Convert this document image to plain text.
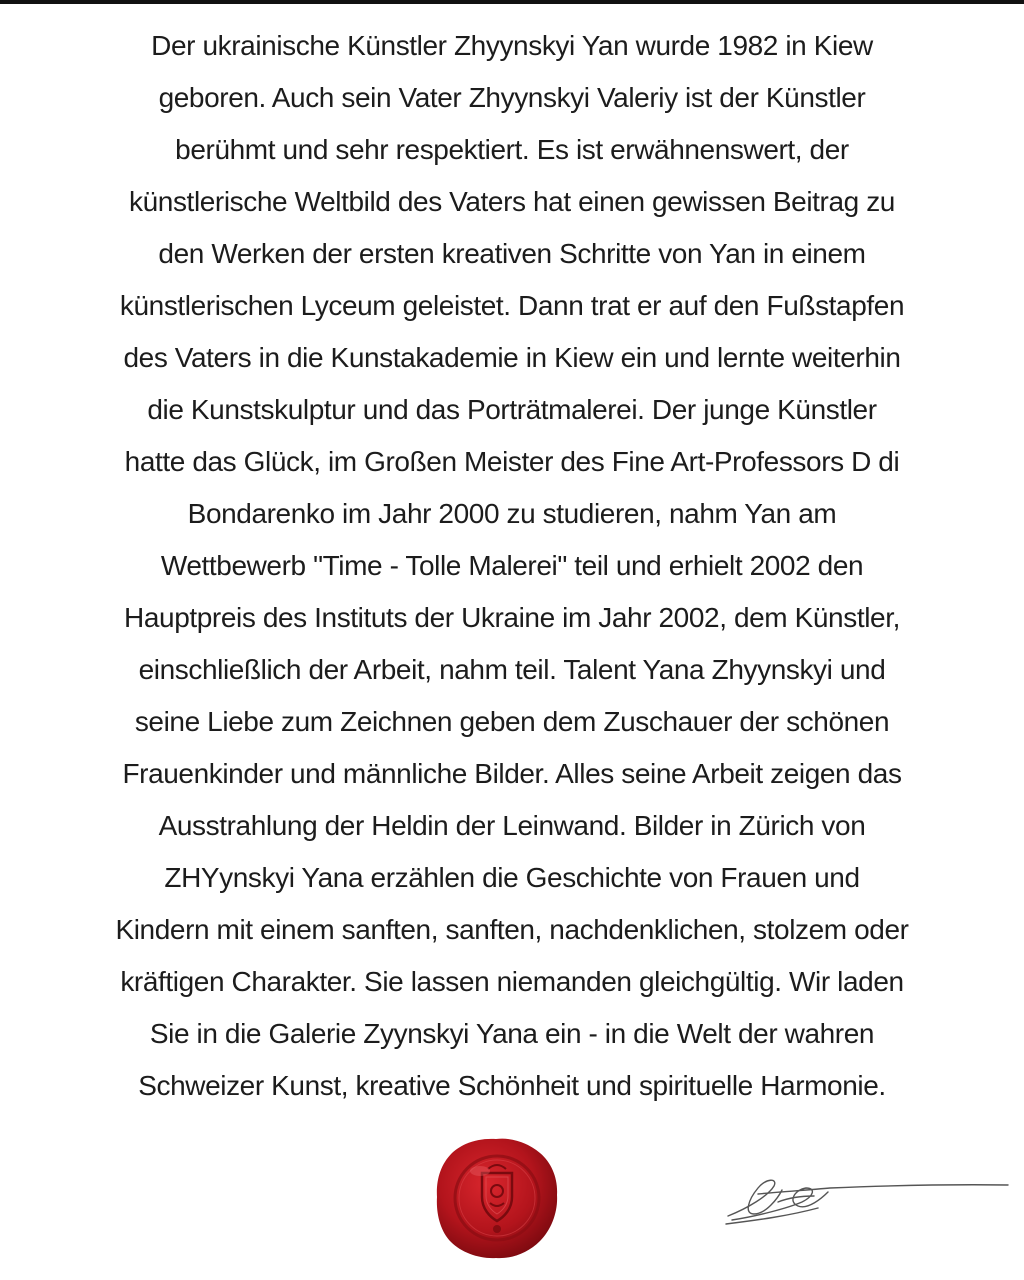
Der ukrainische Künstler Zhyynskyi Yan wurde 1982 in Kiew
geboren. Auch sein Vater Zhyynskyi Valeriy ist der Künstler
berühmt und sehr respektiert. Es ist erwähnenswert, der
künstlerische Weltbild des Vaters hat einen gewissen Beitrag zu
den Werken der ersten kreativen Schritte von Yan in einem
künstlerischen Lyceum geleistet. Dann trat er auf den Fußstapfen
des Vaters in die Kunstakademie in Kiew ein und lernte weiterhin
die Kunstskulptur und das Porträtmalerei. Der junge Künstler
hatte das Glück, im Großen Meister des Fine Art-Professors D di
Bondarenko im Jahr 2000 zu studieren, nahm Yan am
Wettbewerb "Time - Tolle Malerei" teil und erhielt 2002 den
Hauptpreis des Instituts der Ukraine im Jahr 2002, dem Künstler,
einschließlich der Arbeit, nahm teil. Talent Yana Zhyynskyi und
seine Liebe zum Zeichnen geben dem Zuschauer der schönen
Frauenkinder und männliche Bilder. Alles seine Arbeit zeigen das
Ausstrahlung der Heldin der Leinwand. Bilder in Zürich von
ZHYynskyi Yana erzählen die Geschichte von Frauen und
Kindern mit einem sanften, sanften, nachdenklichen, stolzem oder
kräftigen Charakter. Sie lassen niemanden gleichgültig. Wir laden
Sie in die Galerie Zyynskyi Yana ein - in die Welt der wahren
Schweizer Kunst, kreative Schönheit und spirituelle Harmonie.
